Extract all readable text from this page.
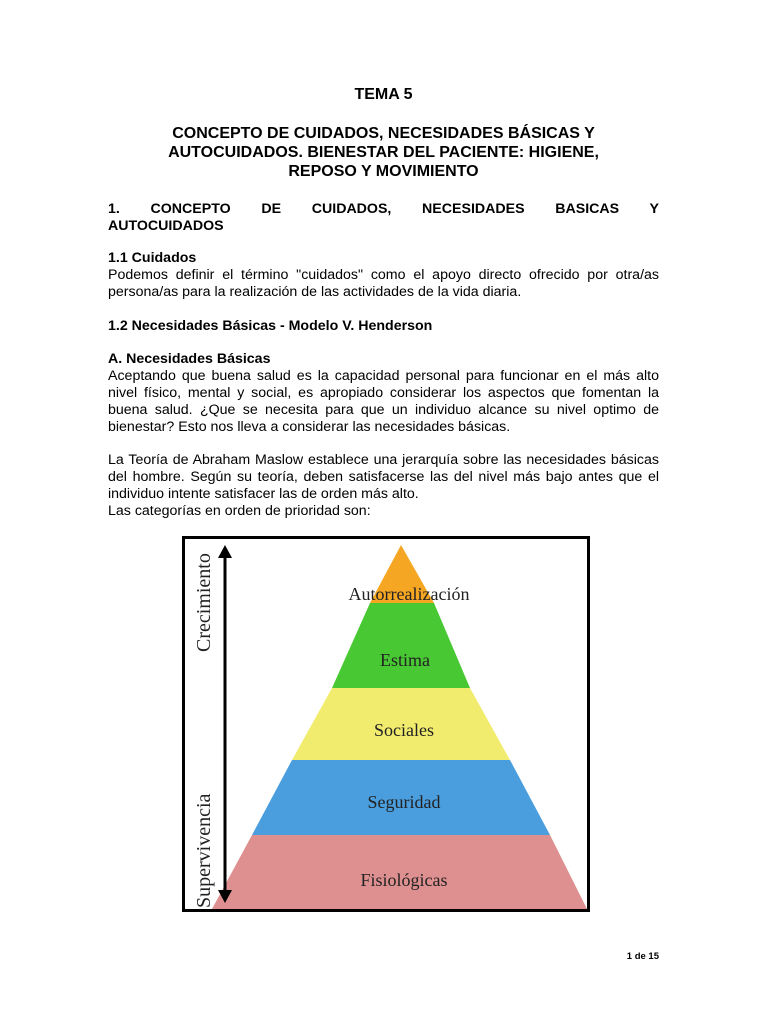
TEMA 5
CONCEPTO DE CUIDADOS, NECESIDADES BÁSICAS Y
AUTOCUIDADOS. BIENESTAR DEL PACIENTE: HIGIENE,
REPOSO Y MOVIMIENTO
1. CONCEPTO DE CUIDADOS, NECESIDADES BASICAS Y
AUTOCUIDADOS

1.1 Cuidados

Podemos definir el término "cuidados" como el apoyo directo ofrecido por otra/as persona/as para la realización de las actividades de la vida diaria.

1.2 Necesidades Básicas - Modelo V. Henderson

A. Necesidades Básicas

Aceptando que buena salud es la capacidad personal para funcionar en el más alto nivel físico, mental y social, es apropiado considerar los aspectos que fomentan la buena salud. ¿Que se necesita para que un individuo alcance su nivel optimo de bienestar? Esto nos lleva a considerar las necesidades básicas.

La Teoría de Abraham Maslow establece una jerarquía sobre las necesidades básicas del hombre. Según su teoría, deben satisfacerse las del nivel más bajo antes que el individuo intente satisfacer las de orden más alto.

Las categorías en orden de prioridad son:

Autorrealización
Estima
Sociales
Seguridad
Fisiológicas
Crecimiento
Supervivencia
1 de 15
